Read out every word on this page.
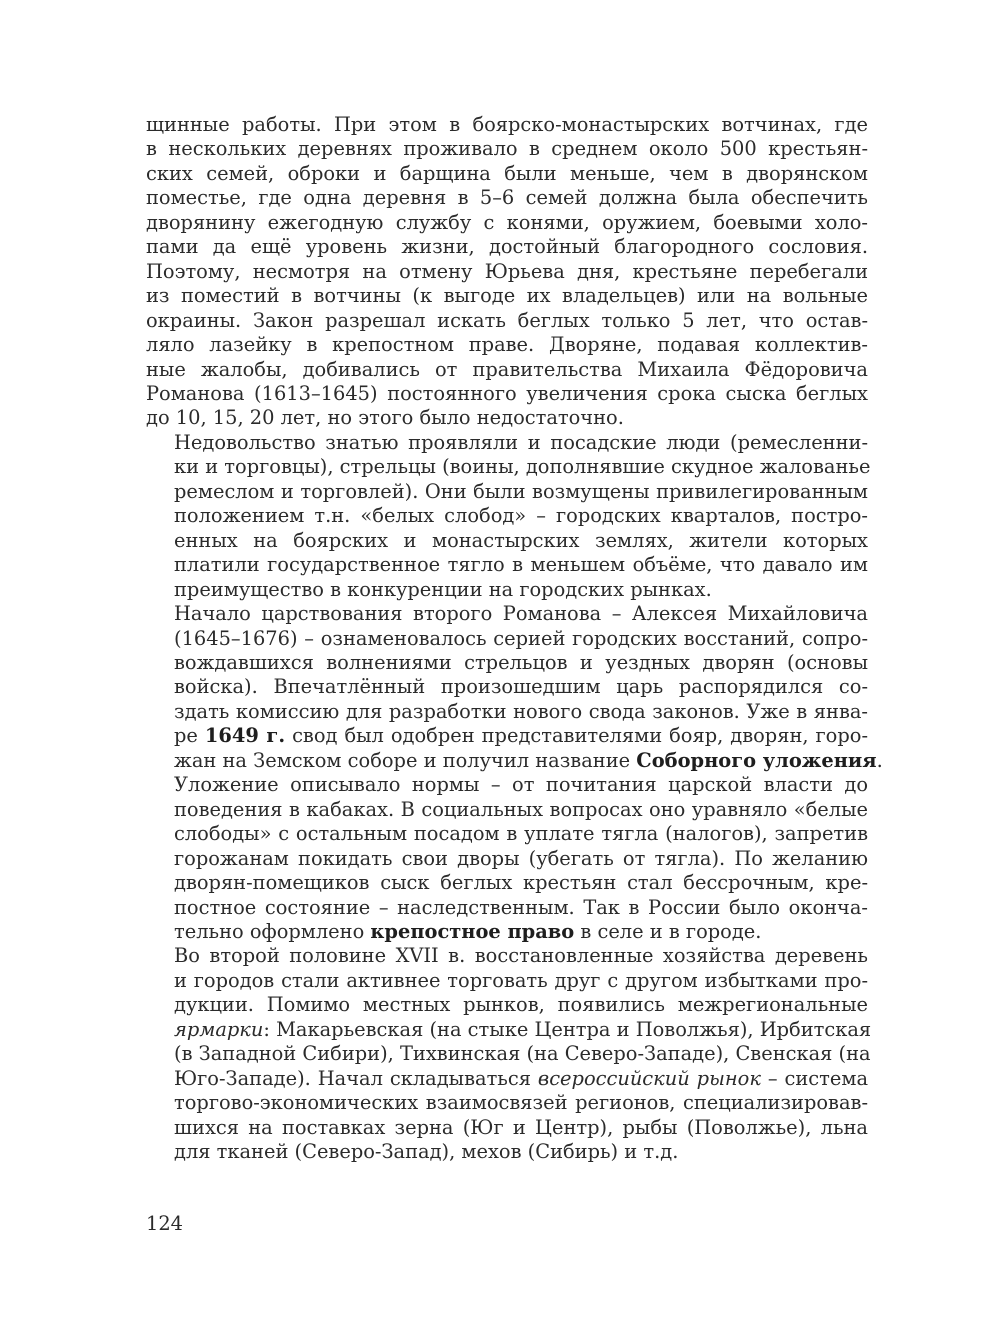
щинные работы. При этом в боярско-монастырских вотчинах, где
в нескольких деревнях проживало в среднем около 500 крестьян-
ских семей, оброки и барщина были меньше, чем в дворянском
поместье, где одна деревня в 5–6 семей должна была обеспечить
дворянину ежегодную службу с конями, оружием, боевыми холо-
пами да ещё уровень жизни, достойный благородного сословия.
Поэтому, несмотря на отмену Юрьева дня, крестьяне перебегали
из поместий в вотчины (к выгоде их владельцев) или на вольные
окраины. Закон разрешал искать беглых только 5 лет, что остав-
ляло лазейку в крепостном праве. Дворяне, подавая коллектив-
ные жалобы, добивались от правительства Михаила Фёдоровича
Романова (1613–1645) постоянного увеличения срока сыска беглых
до 10, 15, 20 лет, но этого было недостаточно.

Недовольство знатью проявляли и посадские люди (ремесленни-
ки и торговцы), стрельцы (воины, дополнявшие скудное жалованье
ремеслом и торговлей). Они были возмущены привилегированным
положением т.н. «белых слобод» – городских кварталов, постро-
енных на боярских и монастырских землях, жители которых
платили государственное тягло в меньшем объёме, что давало им
преимущество в конкуренции на городских рынках.

Начало царствования второго Романова – Алексея Михайловича
(1645–1676) – ознаменовалось серией городских восстаний, сопро-
вождавшихся волнениями стрельцов и уездных дворян (основы
войска). Впечатлённый произошедшим царь распорядился со-
здать комиссию для разработки нового свода законов. Уже в янва-
ре 1649 г. свод был одобрен представителями бояр, дворян, горо-
жан на Земском соборе и получил название Соборного уложения.
Уложение описывало нормы – от почитания царской власти до
поведения в кабаках. В социальных вопросах оно уравняло «белые
слободы» с остальным посадом в уплате тягла (налогов), запретив
горожанам покидать свои дворы (убегать от тягла). По желанию
дворян-помещиков сыск беглых крестьян стал бессрочным, кре-
постное состояние – наследственным. Так в России было оконча-
тельно оформлено крепостное право в селе и в городе.

Во второй половине XVII в. восстановленные хозяйства деревень
и городов стали активнее торговать друг с другом избытками про-
дукции. Помимо местных рынков, появились межрегиональные
ярмарки: Макарьевская (на стыке Центра и Поволжья), Ирбитская
(в Западной Сибири), Тихвинская (на Северо-Западе), Свенская (на
Юго-Западе). Начал складываться всероссийский рынок – система
торгово-экономических взаимосвязей регионов, специализировав-
шихся на поставках зерна (Юг и Центр), рыбы (Поволжье), льна
для тканей (Северо-Запад), мехов (Сибирь) и т.д.

124
